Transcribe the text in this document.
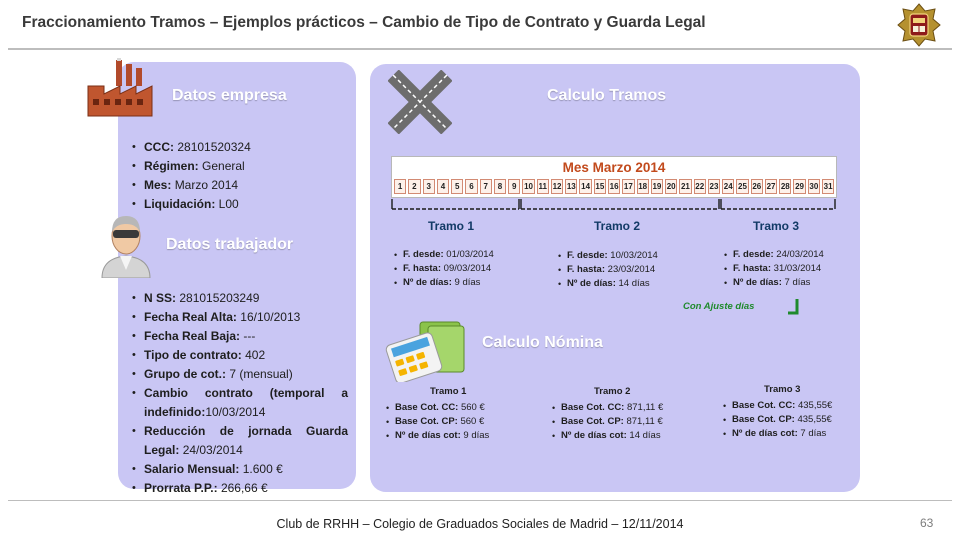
Fraccionamiento Tramos – Ejemplos prácticos – Cambio de Tipo de Contrato y Guarda Legal
Datos empresa
• CCC: 28101520324
• Régimen: General
• Mes: Marzo 2014
• Liquidación: L00
Datos trabajador
• N SS: 281015203249
• Fecha Real Alta: 16/10/2013
• Fecha Real Baja: ---
• Tipo de contrato: 402
• Grupo de cot.: 7 (mensual)
• Cambio contrato (temporal a indefinido:10/03/2014
• Reducción de jornada Guarda Legal: 24/03/2014
• Salario Mensual: 1.600 €
• Prorrata P.P.: 266,66 €
Calculo Tramos
Mes Marzo 2014
1	2	3	4	5	6	7	8	9 10 11 12 13 14 15 16 17 18 19 20 21 22 23 24 25 26 27 28 29 30 31
Tramo 1	Tramo 2	Tramo 3
• F. desde: 01/03/2014
• F. hasta: 09/03/2014
• Nº de días: 9 días
• F. desde: 10/03/2014
• F. hasta: 23/03/2014
• Nº de días: 14 días
• F. desde: 24/03/2014
• F. hasta: 31/03/2014
• Nº de días: 7 días
Con Ajuste días
Calculo Nómina
Tramo 1
• Base Cot. CC: 560 €
• Base Cot. CP: 560 €
• Nº de días cot: 9 días
Tramo 2
• Base Cot. CC: 871,11 €
• Base Cot. CP: 871,11 €
• Nº de días cot: 14 días
Tramo 3
• Base Cot. CC: 435,55€
• Base Cot. CP: 435,55€
• Nº de días cot: 7 días
Club de RRHH – Colegio de Graduados Sociales de Madrid – 12/11/2014	63
